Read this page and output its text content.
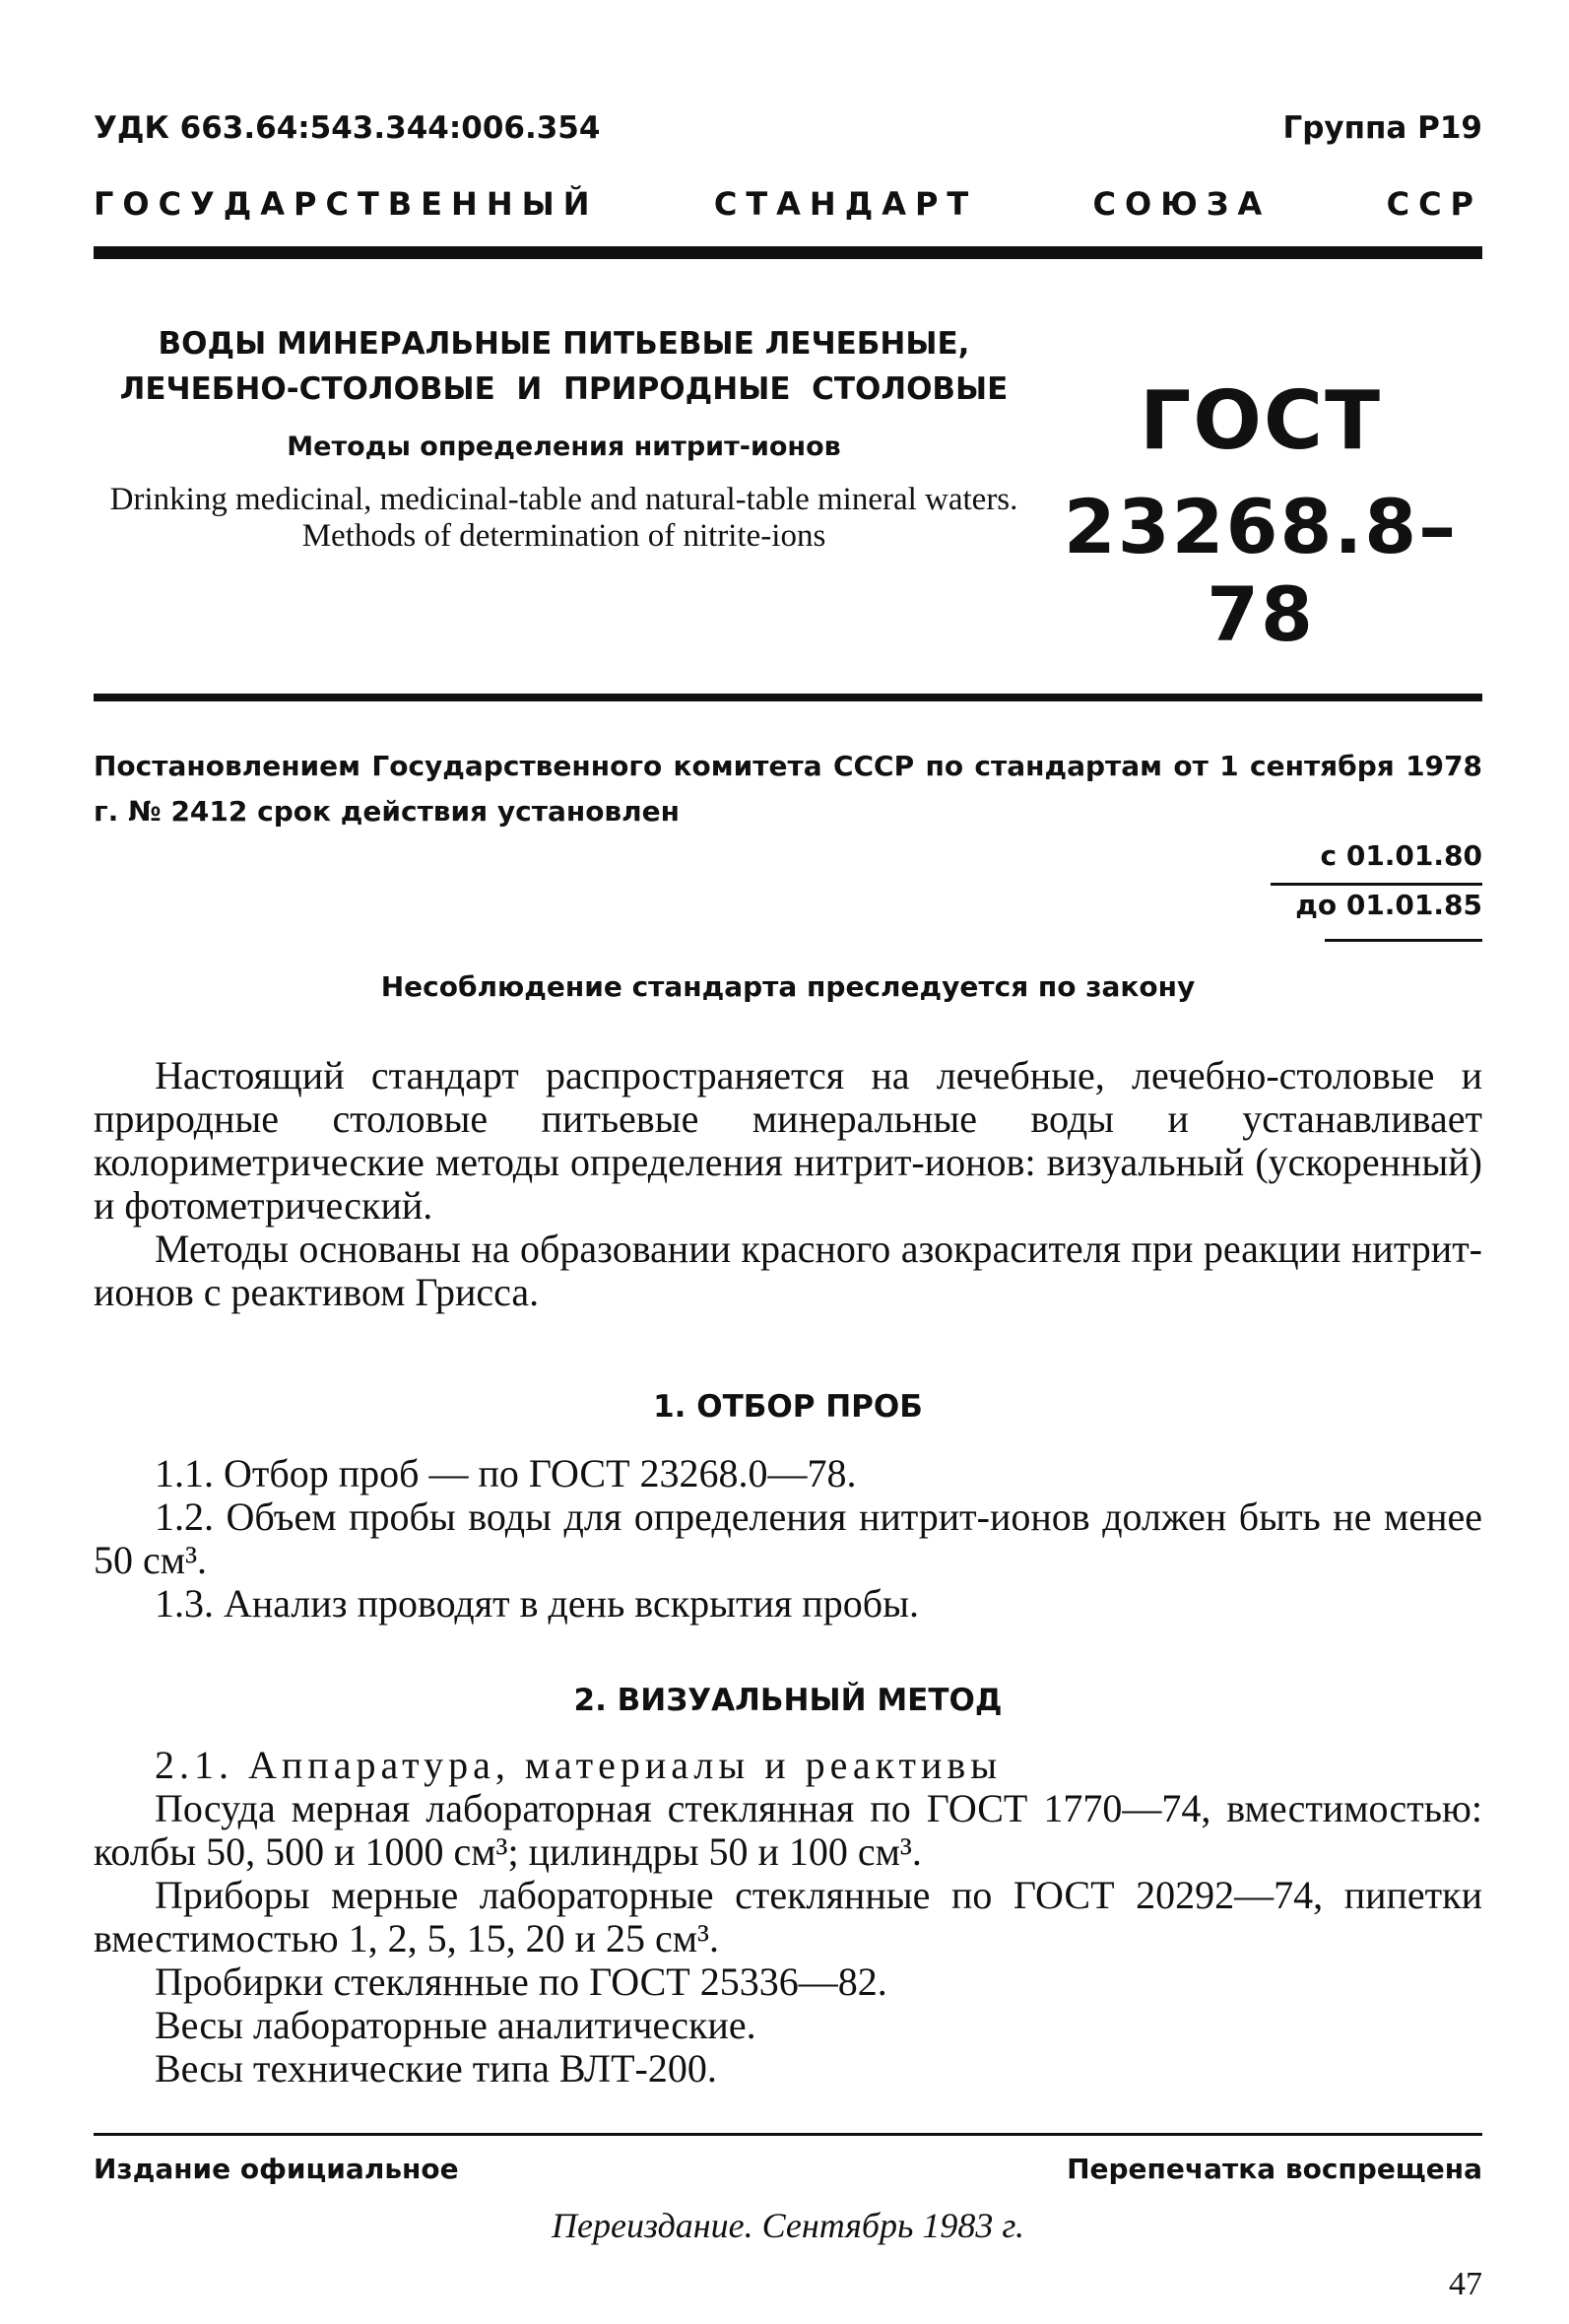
УДК 663.64:543.344:006.354	Группа Р19
ГОСУДАРСТВЕННЫЙ	СТАНДАРТ	СОЮЗА	ССР
ВОДЫ МИНЕРАЛЬНЫЕ ПИТЬЕВЫЕ ЛЕЧЕБНЫЕ,
ЛЕЧЕБНО-СТОЛОВЫЕ  И  ПРИРОДНЫЕ  СТОЛОВЫЕ
Методы определения нитрит-ионов
Drinking medicinal, medicinal-table and natural-table mineral waters. Methods of determination of nitrite-ions
ГОСТ
23268.8–78
Постановлением Государственного комитета СССР по стандартам от 1 сентября 1978 г. № 2412 срок действия установлен
с 01.01.80
до 01.01.85
Несоблюдение стандарта преследуется по закону

Настоящий стандарт распространяется на лечебные, лечебно-столовые и природные столовые питьевые минеральные воды и устанавливает колориметрические методы определения нитрит-ионов: визуальный (ускоренный) и фотометрический.

Методы основаны на образовании красного азокрасителя при реакции нитрит-ионов с реактивом Грисса.

1. ОТБОР ПРОБ

1.1. Отбор проб — по ГОСТ 23268.0—78.

1.2. Объем пробы воды для определения нитрит-ионов должен быть не менее 50 см³.

1.3. Анализ проводят в день вскрытия пробы.

2. ВИЗУАЛЬНЫЙ МЕТОД

2.1. Аппаратура, материалы и реактивы

Посуда мерная лабораторная стеклянная по ГОСТ 1770—74, вместимостью: колбы 50, 500 и 1000 см³; цилиндры 50 и 100 см³.

Приборы мерные лабораторные стеклянные по ГОСТ 20292—74, пипетки вместимостью 1, 2, 5, 15, 20 и 25 см³.

Пробирки стеклянные по ГОСТ 25336—82.

Весы лабораторные аналитические.

Весы технические типа ВЛТ-200.

Издание официальное	Перепечатка воспрещена
Переиздание. Сентябрь 1983 г.
47
